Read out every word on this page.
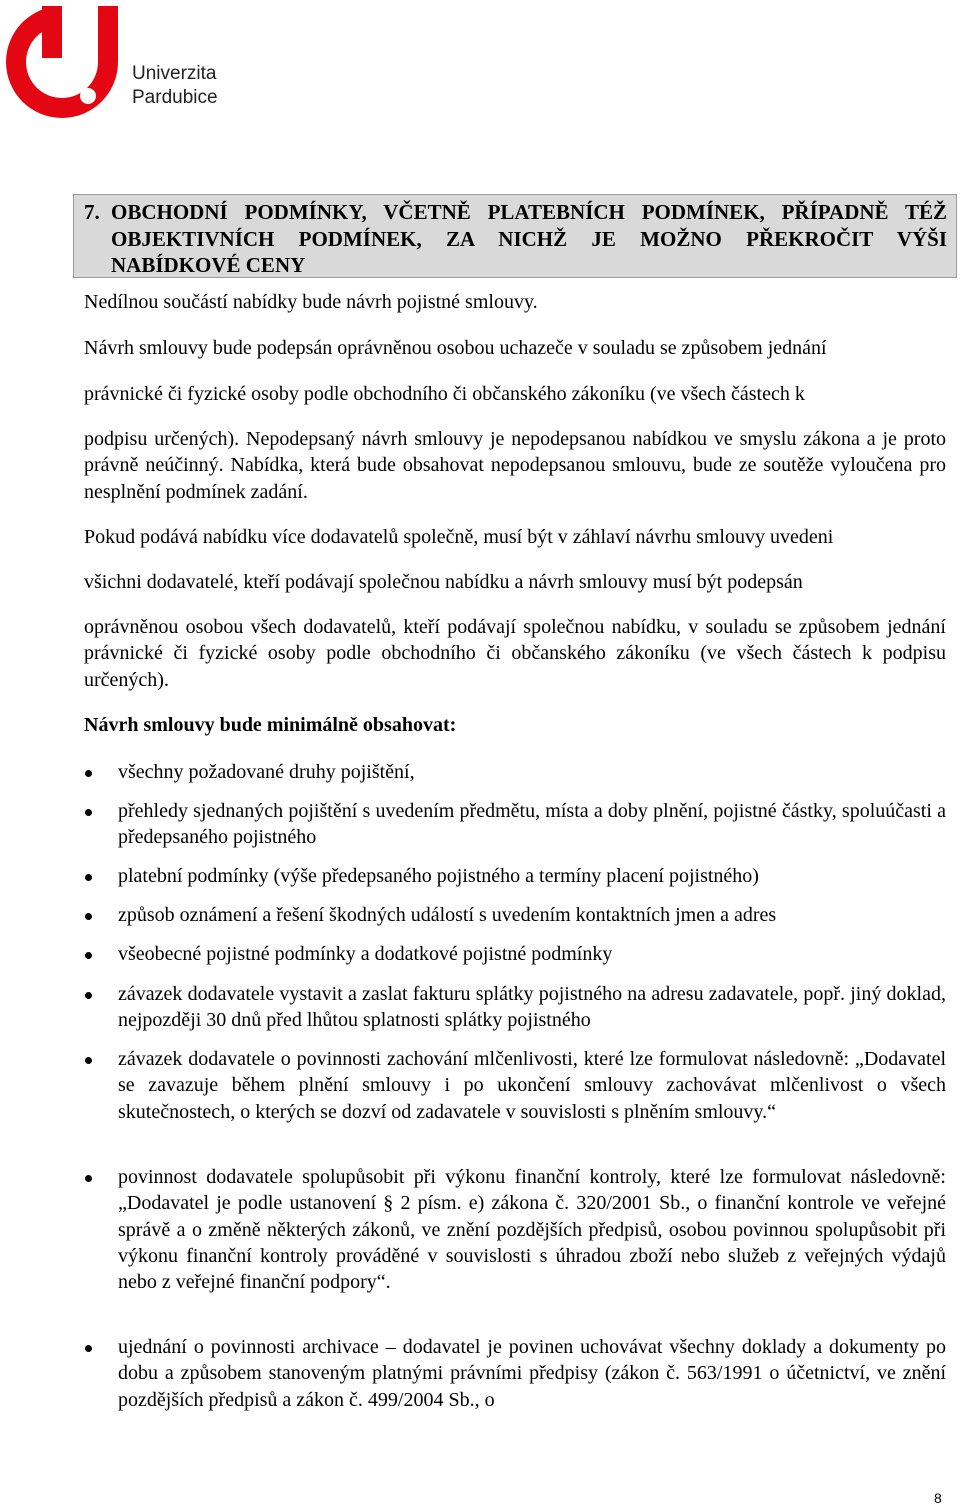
Univerzita
Pardubice
7. OBCHODNÍ PODMÍNKY, VČETNĚ PLATEBNÍCH PODMÍNEK, PŘÍPADNĚ TÉŽ OBJEKTIVNÍCH PODMÍNEK, ZA NICHŽ JE MOŽNO PŘEKROČIT VÝŠI NABÍDKOVÉ CENY
Nedílnou součástí nabídky bude návrh pojistné smlouvy.
Návrh smlouvy bude podepsán oprávněnou osobou uchazeče v souladu se způsobem jednání
právnické či fyzické osoby podle obchodního či občanského zákoníku (ve všech částech k
podpisu určených). Nepodepsaný návrh smlouvy je nepodepsanou nabídkou ve smyslu zákona a je proto právně neúčinný. Nabídka, která bude obsahovat nepodepsanou smlouvu, bude ze soutěže vyloučena pro nesplnění podmínek zadání.
Pokud podává nabídku více dodavatelů společně, musí být v záhlaví návrhu smlouvy uvedeni
všichni dodavatelé, kteří podávají společnou nabídku a návrh smlouvy musí být podepsán
oprávněnou osobou všech dodavatelů, kteří podávají společnou nabídku, v souladu se způsobem jednání právnické či fyzické osoby podle obchodního či občanského zákoníku (ve všech částech k podpisu určených).
Návrh smlouvy bude minimálně obsahovat:
všechny požadované druhy pojištění,
přehledy sjednaných pojištění s uvedením předmětu, místa a doby plnění, pojistné částky, spoluúčasti a předepsaného pojistného
platební podmínky (výše předepsaného pojistného a termíny placení pojistného)
způsob oznámení a řešení škodných událostí s uvedením kontaktních jmen a adres
všeobecné pojistné podmínky a dodatkové pojistné podmínky
závazek dodavatele vystavit a zaslat fakturu splátky pojistného na adresu zadavatele, popř. jiný doklad, nejpozději 30 dnů před lhůtou splatnosti splátky pojistného
závazek dodavatele o povinnosti zachování mlčenlivosti, které lze formulovat následovně: „Dodavatel se zavazuje během plnění smlouvy i po ukončení smlouvy zachovávat mlčenlivost o všech skutečnostech, o kterých se dozví od zadavatele v souvislosti s plněním smlouvy.“
povinnost dodavatele spolupůsobit při výkonu finanční kontroly, které lze formulovat následovně: „Dodavatel je podle ustanovení § 2 písm. e) zákona č. 320/2001 Sb., o finanční kontrole ve veřejné správě a o změně některých zákonů, ve znění pozdějších předpisů, osobou povinnou spolupůsobit při výkonu finanční kontroly prováděné v souvislosti s úhradou zboží nebo služeb z veřejných výdajů nebo z veřejné finanční podpory“.
ujednání o povinnosti archivace – dodavatel je povinen uchovávat všechny doklady a dokumenty po dobu a způsobem stanoveným platnými právními předpisy (zákon č. 563/1991 o účetnictví, ve znění pozdějších předpisů a zákon č. 499/2004 Sb., o
8
